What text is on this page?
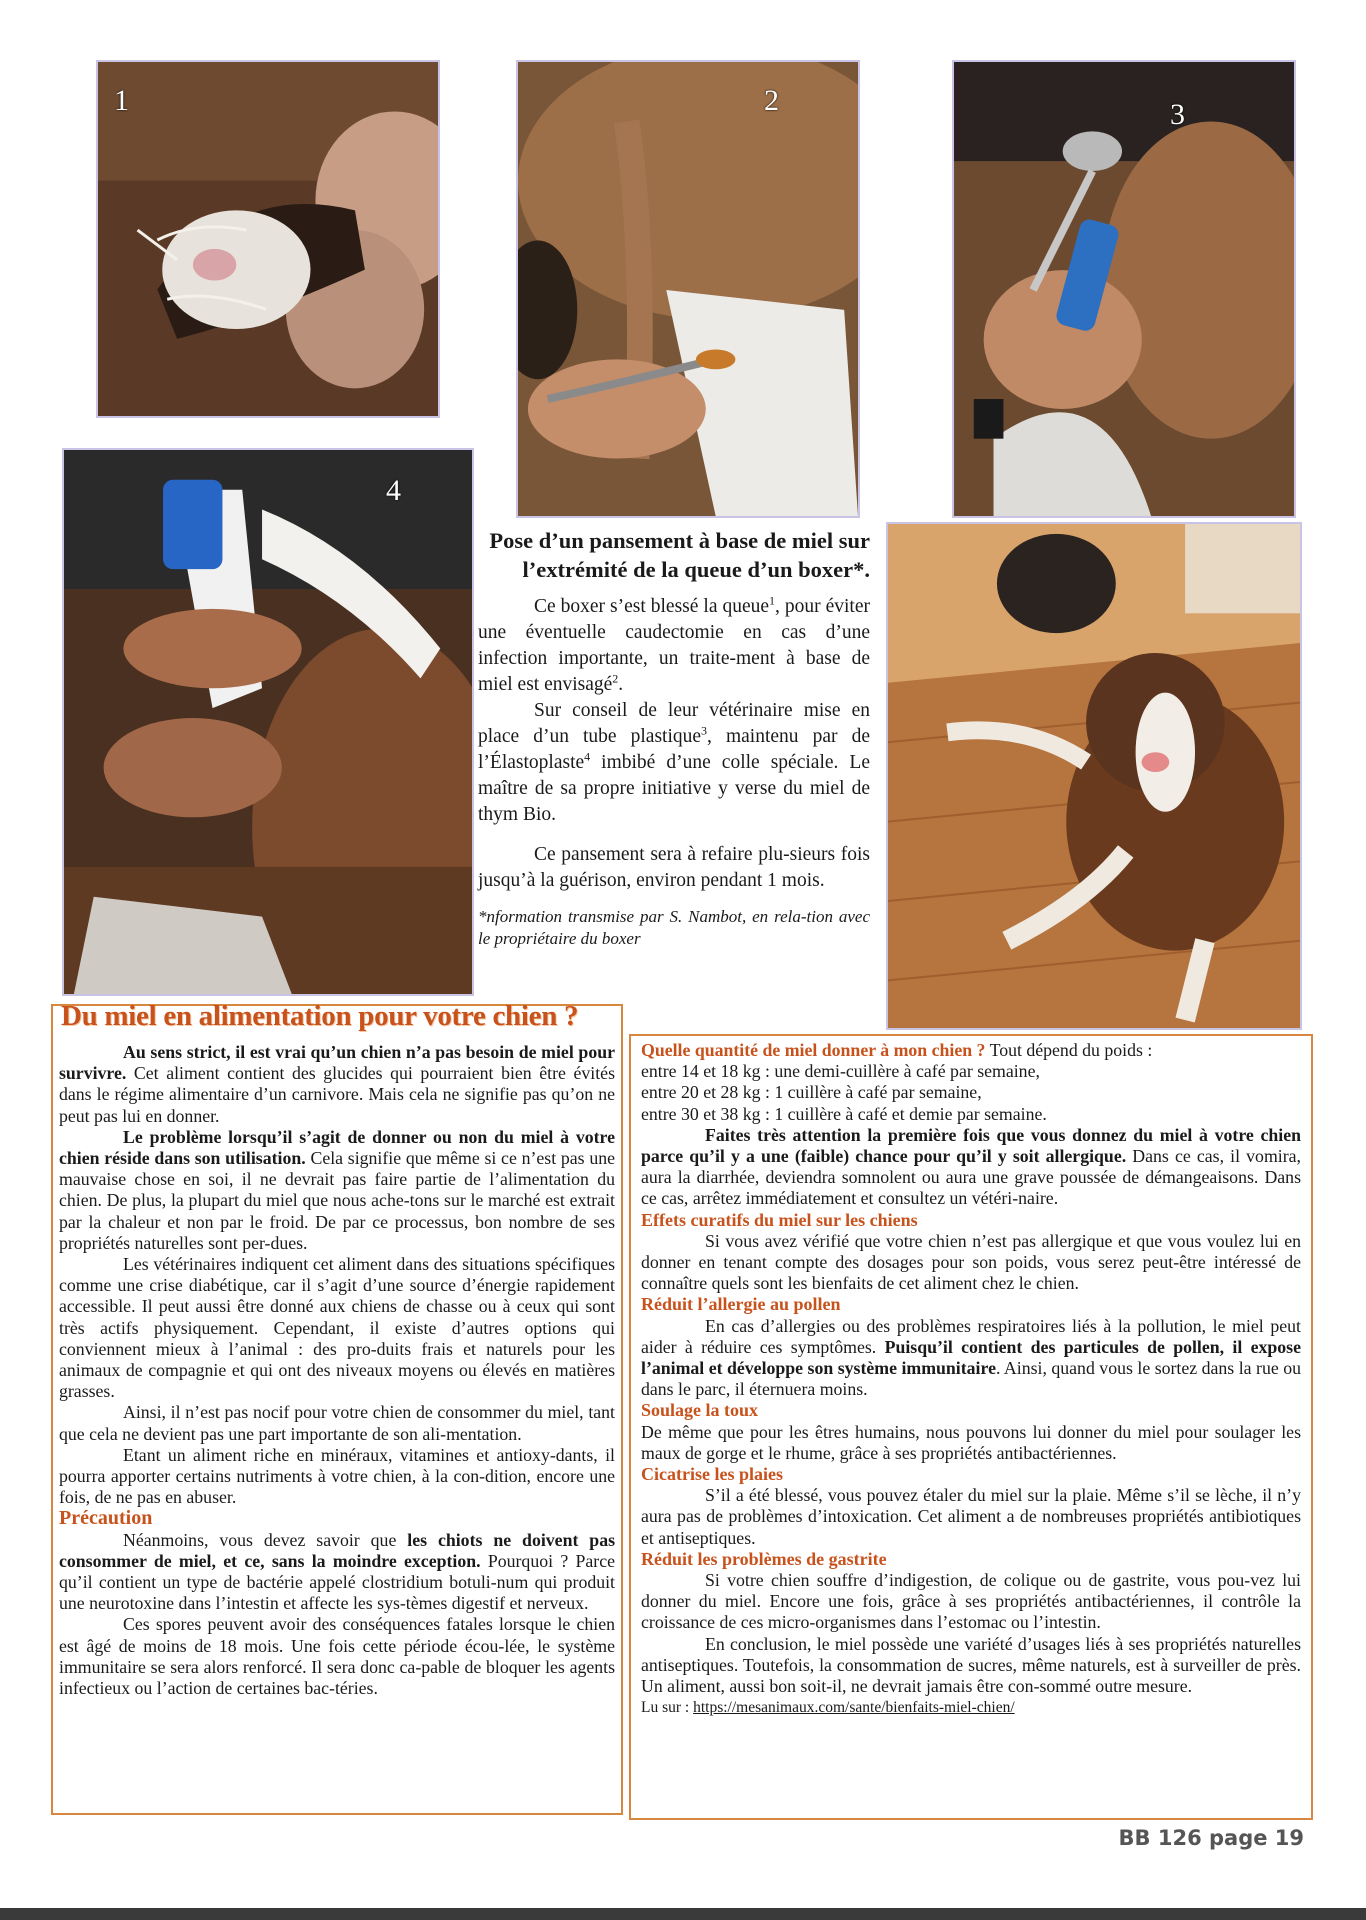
1	2	3
4

Pose d’un pansement à base de miel sur l’extrémité de la queue d’un boxer*.

Ce boxer s’est blessé la queue$^1$, pour éviter une éventuelle caudectomie en cas d’une infection importante, un traite-ment à base de miel est envisagé$^2$.

Sur conseil de leur vétérinaire mise en place d’un tube plastique$^3$, maintenu par de l’Élastoplaste$^4$ imbibé d’une colle spéciale. Le maître de sa propre initiative y verse du miel de thym Bio.

Ce pansement sera à refaire plu-sieurs fois jusqu’à la guérison, environ pendant 1 mois.

*nformation transmise par S. Nambot, en rela-tion avec le propriétaire du boxer

Du miel en alimentation pour votre chien ?

Au sens strict, il est vrai qu’un chien n’a pas besoin de miel pour survivre. Cet aliment contient des glucides qui pourraient bien être évités dans le régime alimentaire d’un carnivore. Mais cela ne signifie pas qu’on ne peut pas lui en donner.

Le problème lorsqu’il s’agit de donner ou non du miel à votre chien réside dans son utilisation. Cela signifie que même si ce n’est pas une mauvaise chose en soi, il ne devrait pas faire partie de l’alimentation du chien. De plus, la plupart du miel que nous ache-tons sur le marché est extrait par la chaleur et non par le froid. De par ce processus, bon nombre de ses propriétés naturelles sont per-dues.

Les vétérinaires indiquent cet aliment dans des situations spécifiques comme une crise diabétique, car il s’agit d’une source d’énergie rapidement accessible. Il peut aussi être donné aux chiens de chasse ou à ceux qui sont très actifs physiquement. Cependant, il existe d’autres options qui conviennent mieux à l’animal : des pro-duits frais et naturels pour les animaux de compagnie et qui ont des niveaux moyens ou élevés en matières grasses.

Ainsi, il n’est pas nocif pour votre chien de consommer du miel, tant que cela ne devient pas une part importante de son ali-mentation.

Etant un aliment riche en minéraux, vitamines et antioxy-dants, il pourra apporter certains nutriments à votre chien, à la con-dition, encore une fois, de ne pas en abuser.

Précaution

Néanmoins, vous devez savoir que les chiots ne doivent pas consommer de miel, et ce, sans la moindre exception. Pourquoi ? Parce qu’il contient un type de bactérie appelé clostridium botuli-num qui produit une neurotoxine dans l’intestin et affecte les sys-tèmes digestif et nerveux.

Ces spores peuvent avoir des conséquences fatales lorsque le chien est âgé de moins de 18 mois. Une fois cette période écou-lée, le système immunitaire se sera alors renforcé. Il sera donc ca-pable de bloquer les agents infectieux ou l’action de certaines bac-téries.

Quelle quantité de miel donner à mon chien ? Tout dépend du poids :

entre 14 et 18 kg : une demi-cuillère à café par semaine,

entre 20 et 28 kg : 1 cuillère à café par semaine,

entre 30 et 38 kg : 1 cuillère à café et demie par semaine.

Faites très attention la première fois que vous donnez du miel à votre chien parce qu’il y a une (faible) chance pour qu’il y soit allergique. Dans ce cas, il vomira, aura la diarrhée, deviendra somnolent ou aura une grave poussée de démangeaisons. Dans ce cas, arrêtez immédiatement et consultez un vétéri-naire.

Effets curatifs du miel sur les chiens

Si vous avez vérifié que votre chien n’est pas allergique et que vous voulez lui en donner en tenant compte des dosages pour son poids, vous serez peut-être intéressé de connaître quels sont les bienfaits de cet aliment chez le chien.

Réduit l’allergie au pollen

En cas d’allergies ou des problèmes respiratoires liés à la pollution, le miel peut aider à réduire ces symptômes. Puisqu’il contient des particules de pollen, il expose l’animal et développe son système immunitaire. Ainsi, quand vous le sortez dans la rue ou dans le parc, il éternuera moins.

Soulage la toux

De même que pour les êtres humains, nous pouvons lui donner du miel pour soulager les maux de gorge et le rhume, grâce à ses propriétés antibactériennes.

Cicatrise les plaies

S’il a été blessé, vous pouvez étaler du miel sur la plaie. Même s’il se lèche, il n’y aura pas de problèmes d’intoxication. Cet aliment a de nombreuses propriétés antibiotiques et antiseptiques.

Réduit les problèmes de gastrite

Si votre chien souffre d’indigestion, de colique ou de gastrite, vous pou-vez lui donner du miel. Encore une fois, grâce à ses propriétés antibactériennes, il contrôle la croissance de ces micro-organismes dans l’estomac ou l’intestin.

En conclusion, le miel possède une variété d’usages liés à ses propriétés naturelles antiseptiques. Toutefois, la consommation de sucres, même naturels, est à surveiller de près. Un aliment, aussi bon soit-il, ne devrait jamais être con-sommé outre mesure.

Lu sur : https://mesanimaux.com/sante/bienfaits-miel-chien/

BB 126 page 19
